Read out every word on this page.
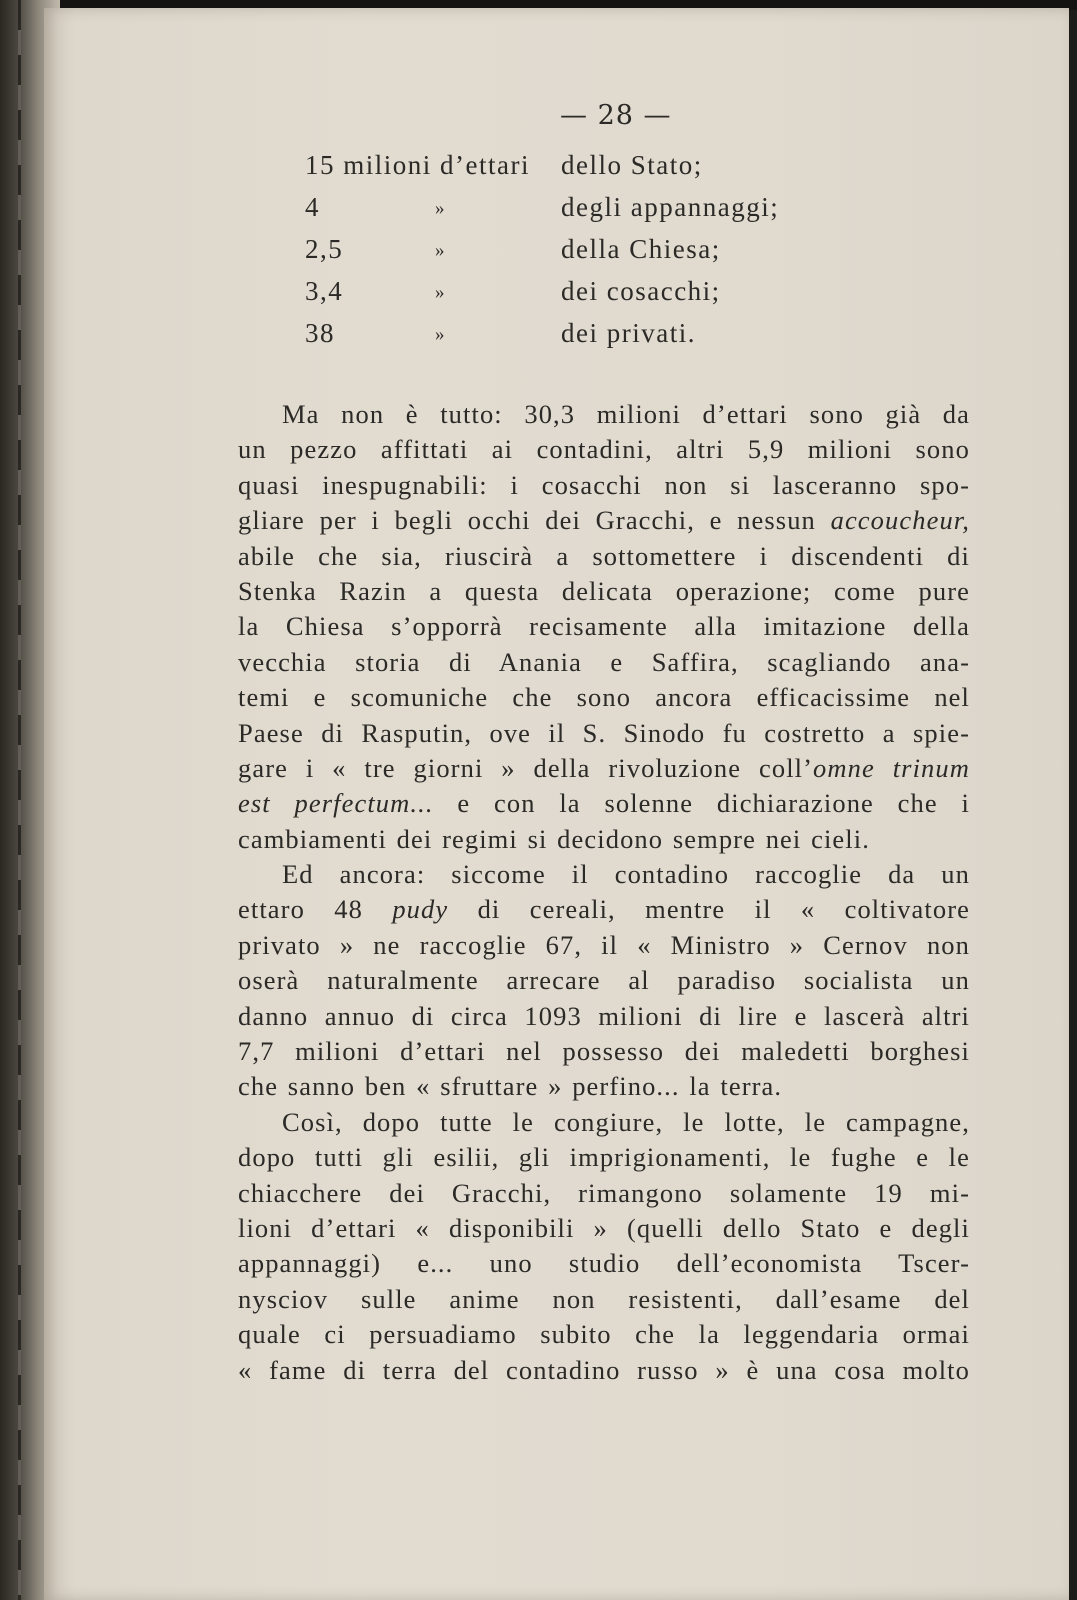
— 28 —
15 milioni d’ettari dello Stato;
4	»	degli appannaggi;
2,5	»	della Chiesa;
3,4	»	dei cosacchi;
38	»	dei privati.
Ma non è tutto: 30,3 milioni d’ettari sono già da
un pezzo affittati ai contadini, altri 5,9 milioni sono
quasi inespugnabili: i cosacchi non si lasceranno spo-
gliare per i begli occhi dei Gracchi, e nessun accoucheur,
abile che sia, riuscirà a sottomettere i discendenti di
Stenka Razin a questa delicata operazione; come pure
la Chiesa s’opporrà recisamente alla imitazione della
vecchia storia di Anania e Saffira, scagliando ana-
temi e scomuniche che sono ancora efficacissime nel
Paese di Rasputin, ove il S. Sinodo fu costretto a spie-
gare i « tre giorni » della rivoluzione coll’omne trinum
est perfectum... e con la solenne dichiarazione che i
cambiamenti dei regimi si decidono sempre nei cieli.
Ed ancora: siccome il contadino raccoglie da un
ettaro 48 pudy di cereali, mentre il « coltivatore
privato » ne raccoglie 67, il « Ministro » Cernov non
oserà naturalmente arrecare al paradiso socialista un
danno annuo di circa 1093 milioni di lire e lascerà altri
7,7 milioni d’ettari nel possesso dei maledetti borghesi
che sanno ben « sfruttare » perfino... la terra.
Così, dopo tutte le congiure, le lotte, le campagne,
dopo tutti gli esilii, gli imprigionamenti, le fughe e le
chiacchere dei Gracchi, rimangono solamente 19 mi-
lioni d’ettari « disponibili » (quelli dello Stato e degli
appannaggi) e... uno studio dell’economista Tscer-
nysciov sulle anime non resistenti, dall’esame del
quale ci persuadiamo subito che la leggendaria ormai
« fame di terra del contadino russo » è una cosa molto
